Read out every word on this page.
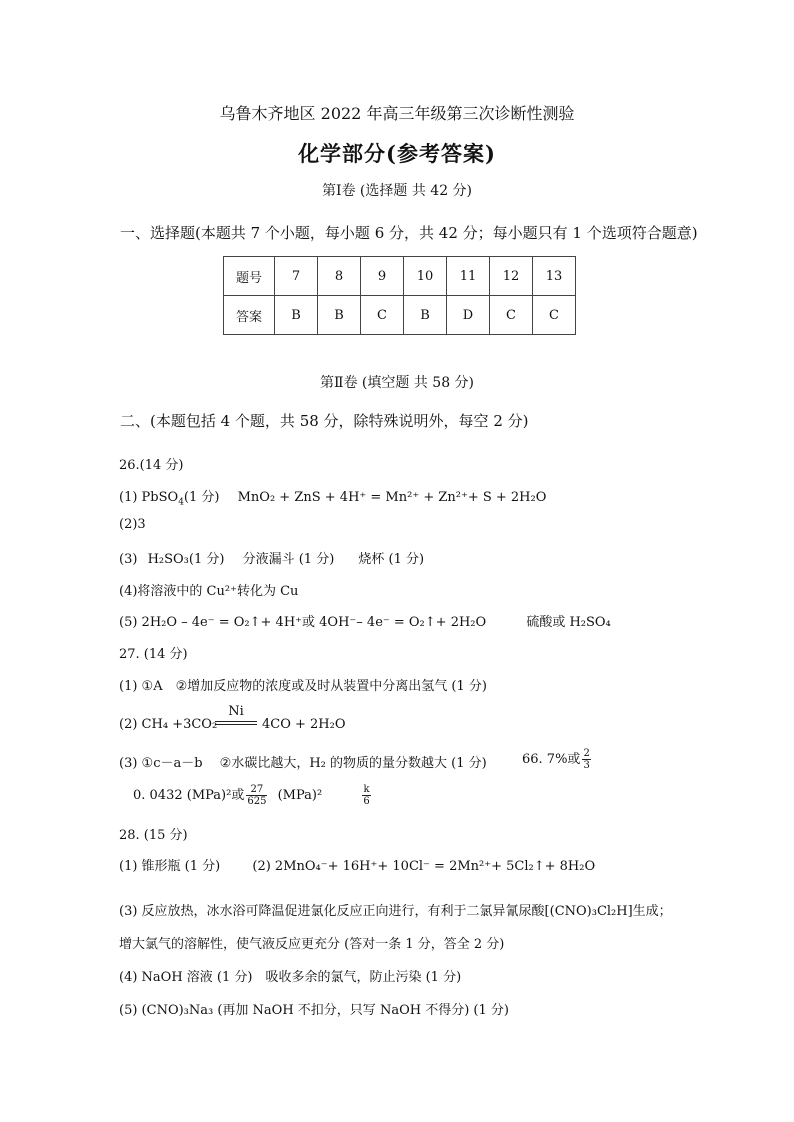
乌鲁木齐地区 2022 年高三年级第三次诊断性测验
化学部分(参考答案)
第Ⅰ卷 (选择题 共 42 分)
一、选择题(本题共 7 个小题，每小题 6 分，共 42 分；每小题只有 1 个选项符合题意)
题号	7	8	9	10	11	12	13
答案	B	B	C	B	D	C	C
第Ⅱ卷 (填空题 共 58 分)
二、(本题包括 4 个题，共 58 分，除特殊说明外，每空 2 分)
26.(14 分)
(1) PbSO$_4$(1 分) MnO₂ + ZnS + 4H⁺ = Mn²⁺ + Zn²⁺+ S + 2H₂O
(2)3
(3) H₂SO₃(1 分) 分液漏斗 (1 分) 烧杯 (1 分)
(4)将溶液中的 Cu²⁺转化为 Cu
(5) 2H₂O – 4e⁻ = O₂↑+ 4H⁺或 4OH⁻– 4e⁻ = O₂↑+ 2H₂O	硫酸或 H₂SO₄
27. (14 分)
(1) ①A　②增加反应物的浓度或及时从装置中分离出氢气 (1 分)
Ni
(2) CH₄ +3CO₂	4CO + 2H₂O
(3) ①c－a－b　 ②水碳比越大，H₂ 的物质的量分数越大 (1 分)	66. 7%或 $\frac{2}{3}$
0. 0432 (MPa)²或 $\frac{27}{625} (MPa)^2$	$\frac{k}{6}$
28. (15 分)
(1) 锥形瓶 (1 分) (2) 2MnO₄⁻+ 16H⁺+ 10Cl⁻ = 2Mn²⁺+ 5Cl₂↑+ 8H₂O
(3) 反应放热，冰水浴可降温促进氯化反应正向进行，有利于二氯异氰尿酸[(CNO)₃Cl₂H]生成；
增大氯气的溶解性，使气液反应更充分 (答对一条 1 分，答全 2 分)
(4) NaOH 溶液 (1 分)　吸收多余的氯气，防止污染 (1 分)
(5) (CNO)₃Na₃ (再加 NaOH 不扣分，只写 NaOH 不得分) (1 分)
